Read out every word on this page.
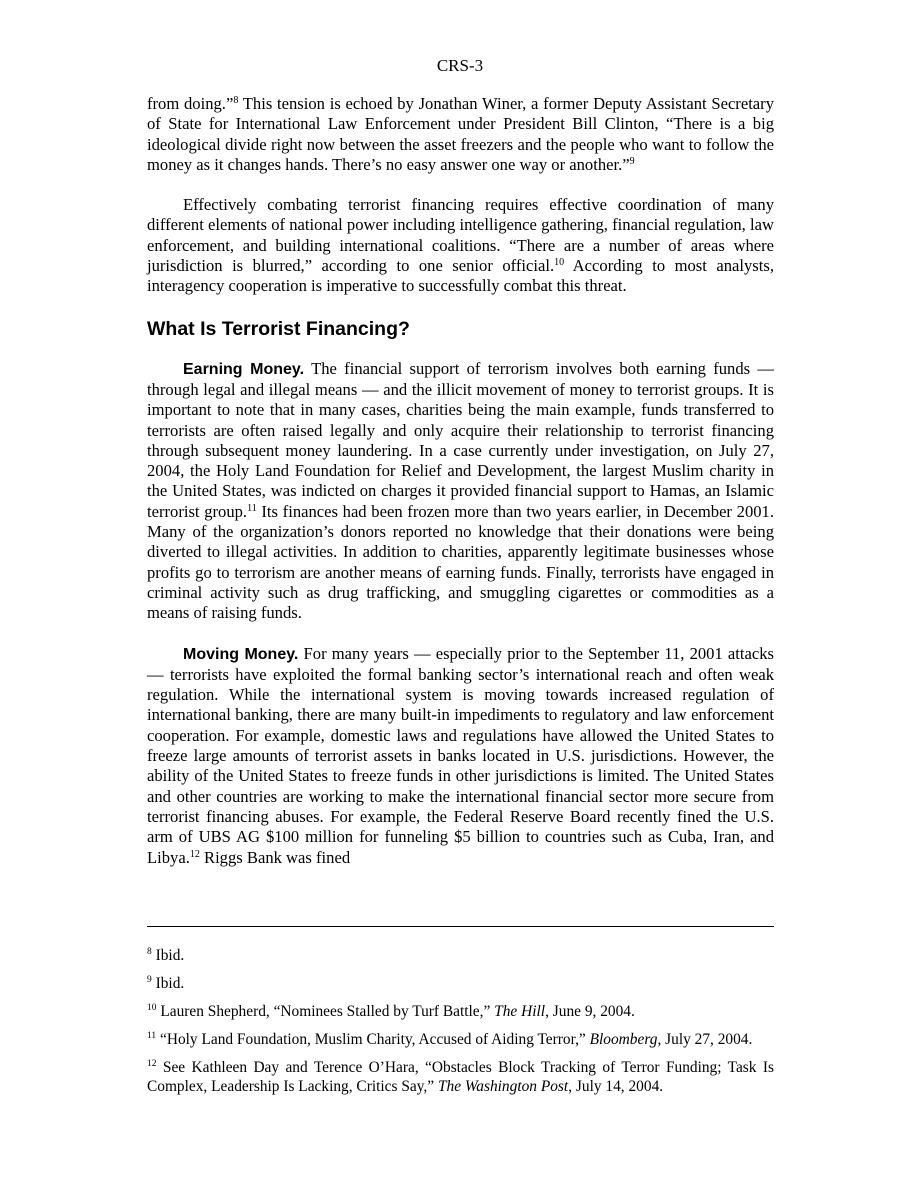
CRS-3

from doing.”$^8$ This tension is echoed by Jonathan Winer, a former Deputy Assistant Secretary of State for International Law Enforcement under President Bill Clinton, “There is a big ideological divide right now between the asset freezers and the people who want to follow the money as it changes hands. There’s no easy answer one way or another.”$^9$

Effectively combating terrorist financing requires effective coordination of many different elements of national power including intelligence gathering, financial regulation, law enforcement, and building international coalitions. “There are a number of areas where jurisdiction is blurred,” according to one senior official.$^{10}$ According to most analysts, interagency cooperation is imperative to successfully combat this threat.

What Is Terrorist Financing?

Earning Money. The financial support of terrorism involves both earning funds — through legal and illegal means — and the illicit movement of money to terrorist groups. It is important to note that in many cases, charities being the main example, funds transferred to terrorists are often raised legally and only acquire their relationship to terrorist financing through subsequent money laundering. In a case currently under investigation, on July 27, 2004, the Holy Land Foundation for Relief and Development, the largest Muslim charity in the United States, was indicted on charges it provided financial support to Hamas, an Islamic terrorist group.$^{11}$ Its finances had been frozen more than two years earlier, in December 2001. Many of the organization’s donors reported no knowledge that their donations were being diverted to illegal activities. In addition to charities, apparently legitimate businesses whose profits go to terrorism are another means of earning funds. Finally, terrorists have engaged in criminal activity such as drug trafficking, and smuggling cigarettes or commodities as a means of raising funds.

Moving Money. For many years — especially prior to the September 11, 2001 attacks — terrorists have exploited the formal banking sector’s international reach and often weak regulation. While the international system is moving towards increased regulation of international banking, there are many built-in impediments to regulatory and law enforcement cooperation. For example, domestic laws and regulations have allowed the United States to freeze large amounts of terrorist assets in banks located in U.S. jurisdictions. However, the ability of the United States to freeze funds in other jurisdictions is limited. The United States and other countries are working to make the international financial sector more secure from terrorist financing abuses. For example, the Federal Reserve Board recently fined the U.S. arm of UBS AG $100 million for funneling $5 billion to countries such as Cuba, Iran, and Libya.$^{12}$ Riggs Bank was fined

$^8$ Ibid.
$^9$ Ibid.
$^{10}$ Lauren Shepherd, “Nominees Stalled by Turf Battle,” The Hill, June 9, 2004.
$^{11}$ “Holy Land Foundation, Muslim Charity, Accused of Aiding Terror,” Bloomberg, July 27, 2004.
$^{12}$ See Kathleen Day and Terence O’Hara, “Obstacles Block Tracking of Terror Funding; Task Is Complex, Leadership Is Lacking, Critics Say,” The Washington Post, July 14, 2004.
